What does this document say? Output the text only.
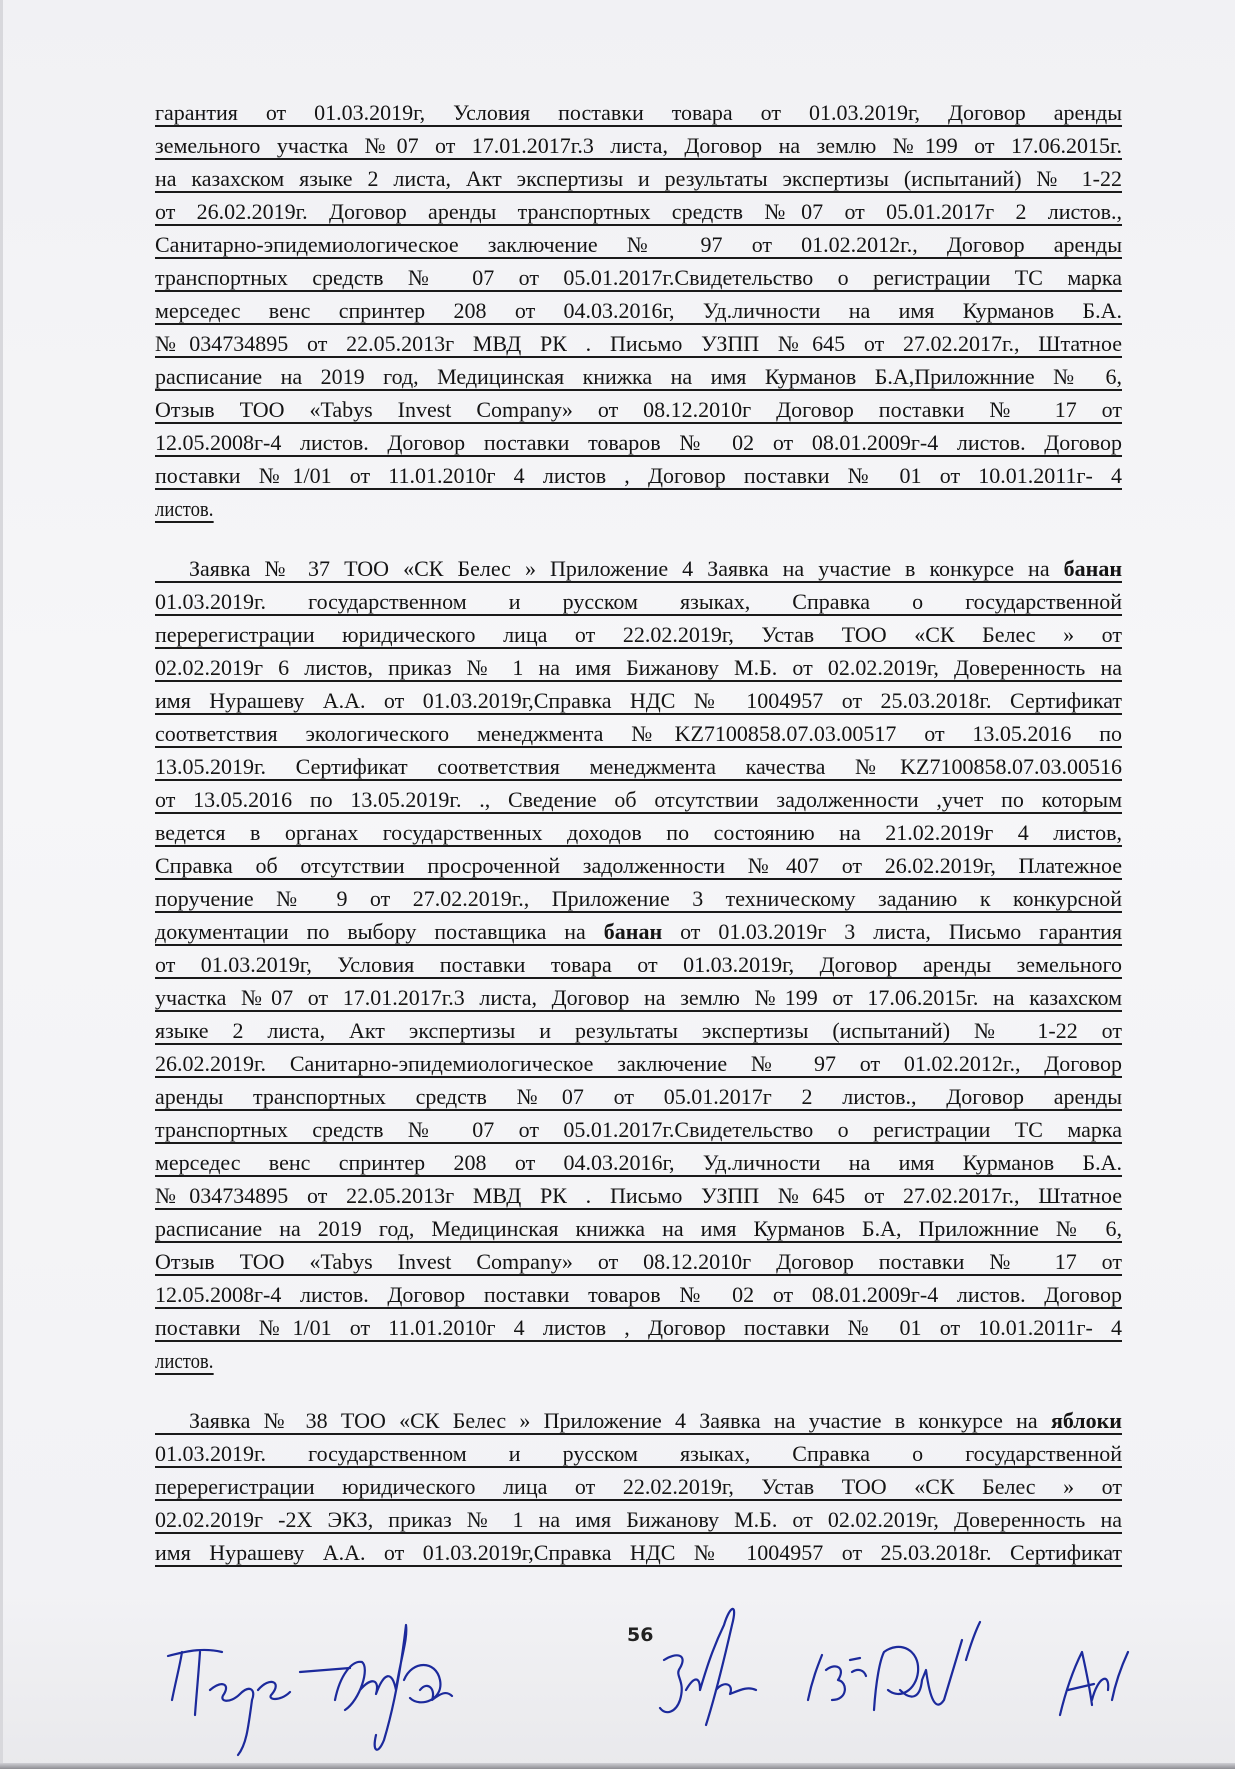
гарантия от 01.03.2019г, Условия поставки товара от 01.03.2019г, Договор аренды
земельного участка №07 от 17.01.2017г.3 листа, Договор на землю №199 от 17.06.2015г.
на казахском языке 2 листа, Акт экспертизы и результаты экспертизы (испытаний) № 1-22
от 26.02.2019г. Договор аренды транспортных средств №07 от 05.01.2017г 2 листов.,
Санитарно-эпидемиологическое заключение № 97 от 01.02.2012г., Договор аренды
транспортных средств № 07 от 05.01.2017г.Свидетельство о регистрации ТС марка
мерседес венс спринтер 208 от 04.03.2016г, Уд.личности на имя Курманов Б.А.
№034734895 от 22.05.2013г МВД РК . Письмо УЗПП №645 от 27.02.2017г., Штатное
расписание на 2019 год, Медицинская книжка на имя Курманов Б.А,Приложнние № 6,
Отзыв ТОО «Tabys Invest Company» от 08.12.2010г Договор поставки № 17 от
12.05.2008г-4 листов. Договор поставки товаров № 02 от 08.01.2009г-4 листов. Договор
поставки №1/01 от 11.01.2010г 4 листов , Договор поставки № 01 от 10.01.2011г- 4
листов.
Заявка № 37 ТОО «СК Белес » Приложение 4 Заявка на участие в конкурсе на банан
01.03.2019г. государственном и русском языках, Справка о государственной
перерегистрации юридического лица от 22.02.2019г, Устав ТОО «СК Белес » от
02.02.2019г 6 листов, приказ № 1 на имя Бижанову М.Б. от 02.02.2019г, Доверенность на
имя Нурашеву А.А. от 01.03.2019г,Справка НДС № 1004957 от 25.03.2018г. Сертификат
соответствия экологического менеджмента №KZ7100858.07.03.00517 от 13.05.2016 по
13.05.2019г. Сертификат соответствия менеджмента качества №KZ7100858.07.03.00516
от 13.05.2016 по 13.05.2019г. ., Сведение об отсутствии задолженности ,учет по которым
ведется в органах государственных доходов по состоянию на 21.02.2019г 4 листов,
Справка об отсутствии просроченной задолженности №407 от 26.02.2019г, Платежное
поручение № 9 от 27.02.2019г., Приложение 3 техническому заданию к конкурсной
документации по выбору поставщика на банан от 01.03.2019г 3 листа, Письмо гарантия
от 01.03.2019г, Условия поставки товара от 01.03.2019г, Договор аренды земельного
участка №07 от 17.01.2017г.3 листа, Договор на землю №199 от 17.06.2015г. на казахском
языке 2 листа, Акт экспертизы и результаты экспертизы (испытаний) № 1-22 от
26.02.2019г. Санитарно-эпидемиологическое заключение № 97 от 01.02.2012г., Договор
аренды транспортных средств №07 от 05.01.2017г 2 листов., Договор аренды
транспортных средств № 07 от 05.01.2017г.Свидетельство о регистрации ТС марка
мерседес венс спринтер 208 от 04.03.2016г, Уд.личности на имя Курманов Б.А.
№034734895 от 22.05.2013г МВД РК . Письмо УЗПП №645 от 27.02.2017г., Штатное
расписание на 2019 год, Медицинская книжка на имя Курманов Б.А, Приложнние № 6,
Отзыв ТОО «Tabys Invest Company» от 08.12.2010г Договор поставки № 17 от
12.05.2008г-4 листов. Договор поставки товаров № 02 от 08.01.2009г-4 листов. Договор
поставки №1/01 от 11.01.2010г 4 листов , Договор поставки № 01 от 10.01.2011г- 4
листов.
Заявка № 38 ТОО «СК Белес » Приложение 4 Заявка на участие в конкурсе на яблоки
01.03.2019г. государственном и русском языках, Справка о государственной
перерегистрации юридического лица от 22.02.2019г, Устав ТОО «СК Белес » от
02.02.2019г -2Х ЭКЗ, приказ № 1 на имя Бижанову М.Б. от 02.02.2019г, Доверенность на
имя Нурашеву А.А. от 01.03.2019г,Справка НДС № 1004957 от 25.03.2018г. Сертификат
56
